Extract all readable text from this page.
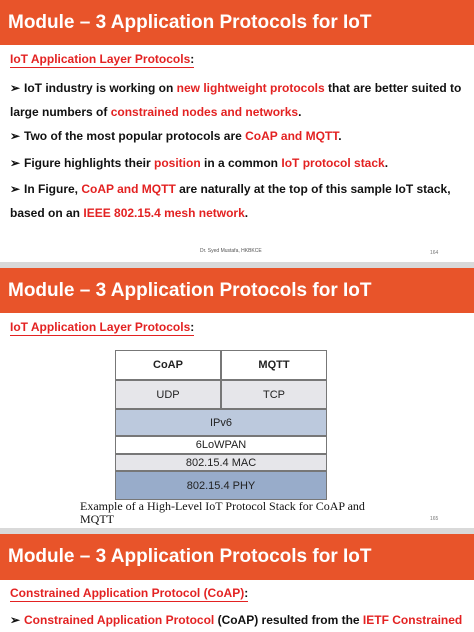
Module – 3 Application Protocols for IoT
IoT Application Layer Protocols:
➢ IoT industry is working on new lightweight protocols that are better suited to
large numbers of constrained nodes and networks.
➢ Two of the most popular protocols are CoAP and MQTT.
➢ Figure highlights their position in a common IoT protocol stack.
➢ In Figure, CoAP and MQTT are naturally at the top of this sample IoT stack,
based on an IEEE 802.15.4 mesh network.
Dr. Syed Mustafa, HKBKCE	164
Module – 3 Application Protocols for IoT
IoT Application Layer Protocols:
165
CoAP	MQTT
UDP	TCP
IPv6
6LoWPAN
802.15.4 MAC
802.15.4 PHY
Example of a High-Level IoT Protocol Stack for CoAP and MQTT
Module – 3 Application Protocols for IoT
Constrained Application Protocol (CoAP):
➢ Constrained Application Protocol (CoAP) resulted from the IETF Constrained
